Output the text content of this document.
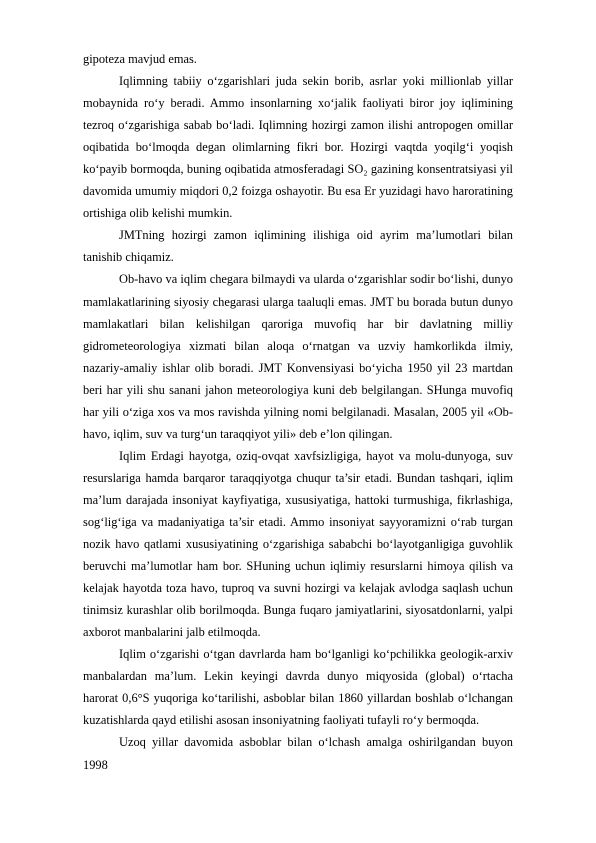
gipoteza mavjud emas.

Iqlimning tabiiy o‘zgarishlari juda sekin borib, asrlar yoki millionlab yillar mobaynida ro‘y beradi. Ammo insonlarning xo‘jalik faoliyati biror joy iqlimining tezroq o‘zgarishiga sabab bo‘ladi. Iqlimning hozirgi zamon ilishi antropogen omillar oqibatida bo‘lmoqda degan olimlarning fikri bor. Hozirgi vaqtda yoqilg‘i yoqish ko‘payib bormoqda, buning oqibatida atmosferadagi SO₂ gazining konsentratsiyasi yil davomida umumiy miqdori 0,2 foizga oshayotir. Bu esa Er yuzidagi havo haroratining ortishiga olib kelishi mumkin.

JMTning hozirgi zamon iqlimining ilishiga oid ayrim ma’lumotlari bilan tanishib chiqamiz.

Ob-havo va iqlim chegara bilmaydi va ularda o‘zgarishlar sodir bo‘lishi, dunyo mamlakatlarining siyosiy chegarasi ularga taaluqli emas. JMT bu borada butun dunyo mamlakatlari bilan kelishilgan qaroriga muvofiq har bir davlatning milliy gidrometeorologiya xizmati bilan aloqa o‘rnatgan va uzviy hamkorlikda ilmiy, nazariy-amaliy ishlar olib boradi. JMT Konvensiyasi bo‘yicha 1950 yil 23 martdan beri har yili shu sanani jahon meteorologiya kuni deb belgilangan. SHunga muvofiq har yili o‘ziga xos va mos ravishda yilning nomi belgilanadi. Masalan, 2005 yil «Ob-havo, iqlim, suv va turg‘un taraqqiyot yili» deb e’lon qilingan.

Iqlim Erdagi hayotga, oziq-ovqat xavfsizligiga, hayot va molu-dunyoga, suv resurslariga hamda barqaror taraqqiyotga chuqur ta’sir etadi. Bundan tashqari, iqlim ma’lum darajada insoniyat kayfiyatiga, xususiyatiga, hattoki turmushiga, fikrlashiga, sog‘lig‘iga va madaniyatiga ta’sir etadi. Ammo insoniyat sayyoramizni o‘rab turgan nozik havo qatlami xususiyatining o‘zgarishiga sababchi bo‘layotganligiga guvohlik beruvchi ma’lumotlar ham bor. SHuning uchun iqlimiy resurslarni himoya qilish va kelajak hayotda toza havo, tuproq va suvni hozirgi va kelajak avlodga saqlash uchun tinimsiz kurashlar olib borilmoqda. Bunga fuqaro jamiyatlarini, siyosatdonlarni, yalpi axborot manbalarini jalb etilmoqda.

Iqlim o‘zgarishi o‘tgan davrlarda ham bo‘lganligi ko‘pchilikka geologik-arxiv manbalardan ma’lum. Lekin keyingi davrda dunyo miqyosida (global) o‘rtacha harorat 0,6°S yuqoriga ko‘tarilishi, asboblar bilan 1860 yillardan boshlab o‘lchangan kuzatishlarda qayd etilishi asosan insoniyatning faoliyati tufayli ro‘y bermoqda.

Uzoq yillar davomida asboblar bilan o‘lchash amalga oshirilgandan buyon 1998
